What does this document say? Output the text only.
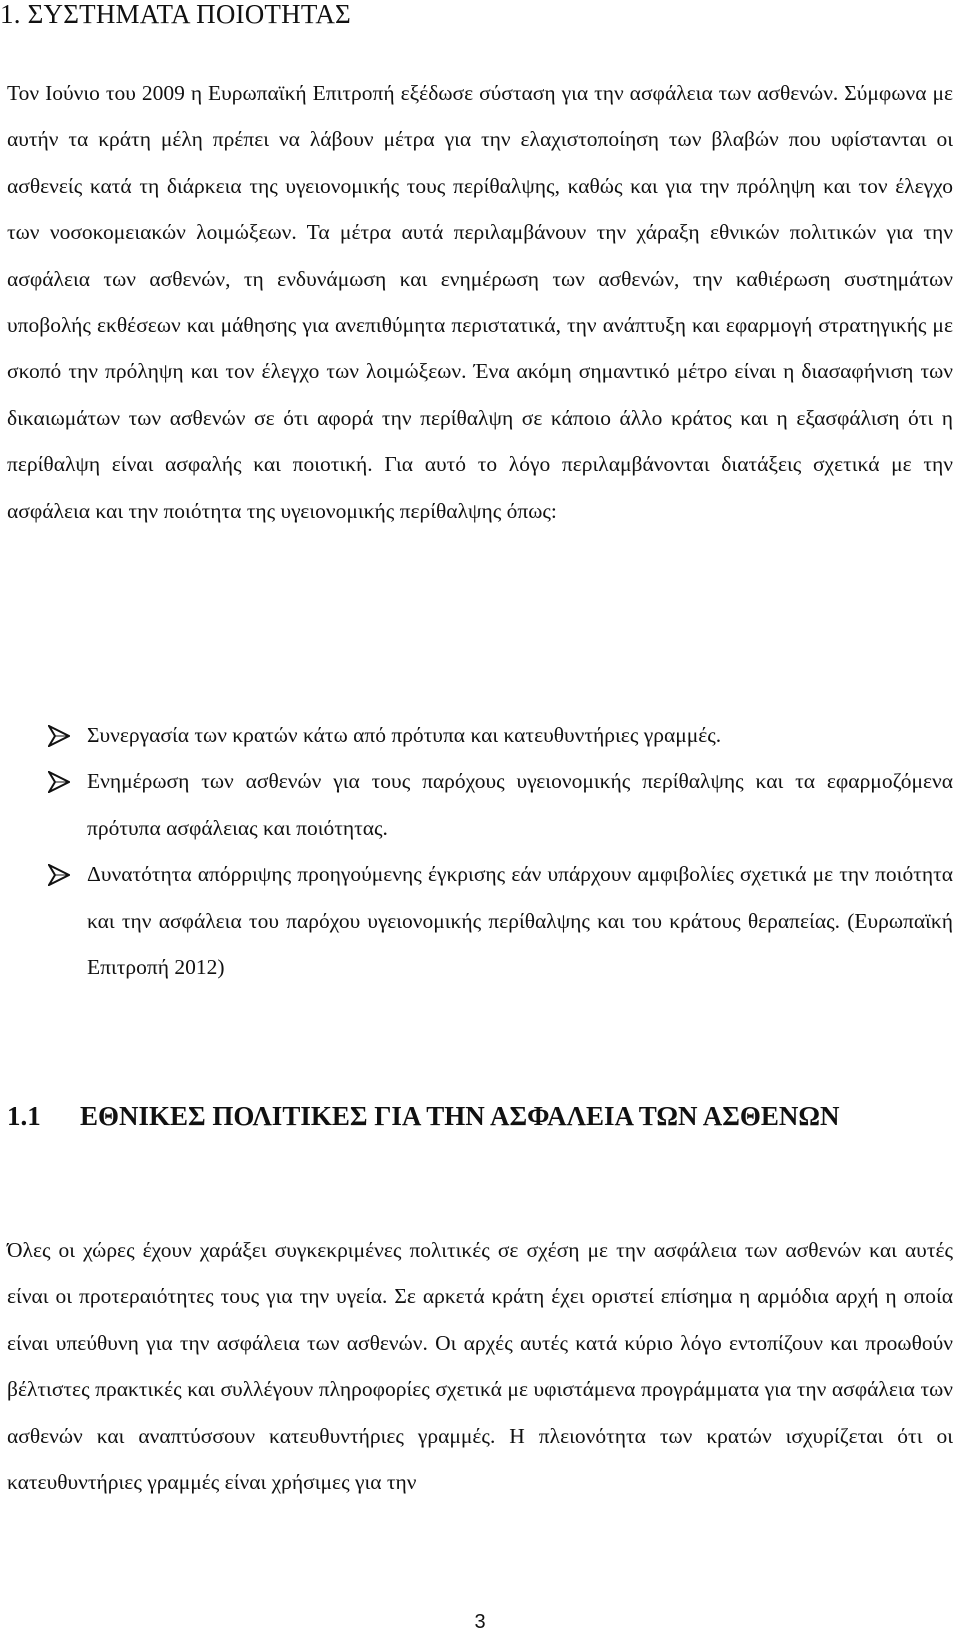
1. ΣΥΣΤΗΜΑΤΑ ΠΟΙΟΤΗΤΑΣ

Τον Ιούνιο του 2009 η Ευρωπαϊκή Επιτροπή εξέδωσε σύσταση για την ασφάλεια των ασθενών. Σύμφωνα με αυτήν τα κράτη μέλη πρέπει να λάβουν μέτρα για την ελαχιστοποίηση των βλαβών που υφίστανται οι ασθενείς κατά τη διάρκεια της υγειονομικής τους περίθαλψης, καθώς και για την πρόληψη και τον έλεγχο των νοσοκομειακών λοιμώξεων. Τα μέτρα αυτά περιλαμβάνουν την χάραξη εθνικών πολιτικών για την ασφάλεια των ασθενών, τη ενδυνάμωση και ενημέρωση των ασθενών, την καθιέρωση συστημάτων υποβολής εκθέσεων και μάθησης για ανεπιθύμητα περιστατικά, την ανάπτυξη και εφαρμογή στρατηγικής με σκοπό την πρόληψη και τον έλεγχο των λοιμώξεων. Ένα ακόμη σημαντικό μέτρο είναι η διασαφήνιση των δικαιωμάτων των ασθενών σε ότι αφορά την περίθαλψη σε κάποιο άλλο κράτος και η εξασφάλιση ότι η περίθαλψη είναι ασφαλής και ποιοτική. Για αυτό το λόγο περιλαμβάνονται διατάξεις σχετικά με την ασφάλεια και την ποιότητα της υγειονομικής περίθαλψης όπως:

Συνεργασία των κρατών κάτω από πρότυπα και κατευθυντήριες γραμμές.
Ενημέρωση των ασθενών για τους παρόχους υγειονομικής περίθαλψης και τα εφαρμοζόμενα πρότυπα ασφάλειας και ποιότητας.
Δυνατότητα απόρριψης προηγούμενης έγκρισης εάν υπάρχουν αμφιβολίες σχετικά με την ποιότητα και την ασφάλεια του παρόχου υγειονομικής περίθαλψης και του κράτους θεραπείας. (Ευρωπαϊκή Επιτροπή 2012)
1.1 ΕΘΝΙΚΕΣ ΠΟΛΙΤΙΚΕΣ ΓΙΑ ΤΗΝ ΑΣΦΑΛΕΙΑ ΤΩΝ ΑΣΘΕΝΩΝ

Όλες οι χώρες έχουν χαράξει συγκεκριμένες πολιτικές σε σχέση με την ασφάλεια των ασθενών και αυτές είναι οι προτεραιότητες τους για την υγεία. Σε αρκετά κράτη έχει οριστεί επίσημα η αρμόδια αρχή η οποία είναι υπεύθυνη για την ασφάλεια των ασθενών. Οι αρχές αυτές κατά κύριο λόγο εντοπίζουν και προωθούν βέλτιστες πρακτικές και συλλέγουν πληροφορίες σχετικά με υφιστάμενα προγράμματα για την ασφάλεια των ασθενών και αναπτύσσουν κατευθυντήριες γραμμές. Η πλειονότητα των κρατών ισχυρίζεται ότι οι κατευθυντήριες γραμμές είναι χρήσιμες για την

3
